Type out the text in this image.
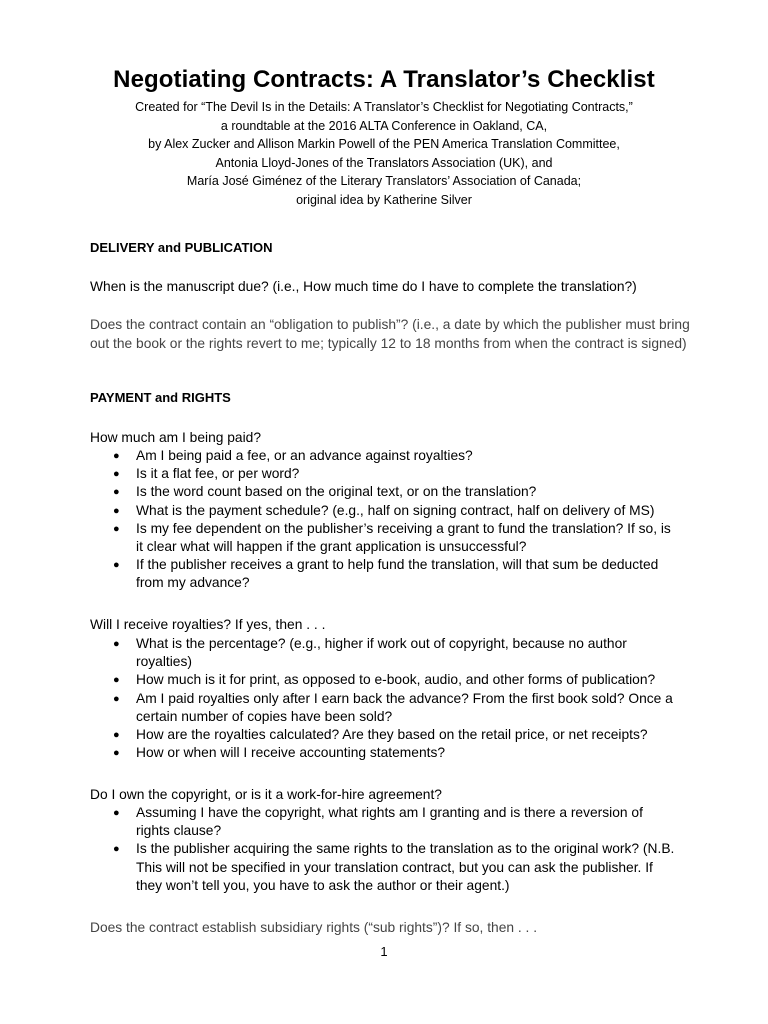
Negotiating Contracts: A Translator’s Checklist
Created for “The Devil Is in the Details: A Translator’s Checklist for Negotiating Contracts,”
a roundtable at the 2016 ALTA Conference in Oakland, CA,
by Alex Zucker and Allison Markin Powell of the PEN America Translation Committee,
Antonia Lloyd-Jones of the Translators Association (UK), and
María José Giménez of the Literary Translators’ Association of Canada;
original idea by Katherine Silver
DELIVERY and PUBLICATION

When is the manuscript due? (i.e., How much time do I have to complete the translation?)

Does the contract contain an “obligation to publish”? (i.e., a date by which the publisher must bring out the book or the rights revert to me; typically 12 to 18 months from when the contract is signed)

PAYMENT and RIGHTS

How much am I being paid?

● Am I being paid a fee, or an advance against royalties?
● Is it a flat fee, or per word?
● Is the word count based on the original text, or on the translation?
● What is the payment schedule? (e.g., half on signing contract, half on delivery of MS)
● Is my fee dependent on the publisher’s receiving a grant to fund the translation? If so, is it clear what will happen if the grant application is unsuccessful?
● If the publisher receives a grant to help fund the translation, will that sum be deducted from my advance?

Will I receive royalties? If yes, then . . .

● What is the percentage? (e.g., higher if work out of copyright, because no author royalties)
● How much is it for print, as opposed to e-book, audio, and other forms of publication?
● Am I paid royalties only after I earn back the advance? From the first book sold? Once a certain number of copies have been sold?
● How are the royalties calculated? Are they based on the retail price, or net receipts?
● How or when will I receive accounting statements?

Do I own the copyright, or is it a work-for-hire agreement?

● Assuming I have the copyright, what rights am I granting and is there a reversion of rights clause?
● Is the publisher acquiring the same rights to the translation as to the original work? (N.B. This will not be specified in your translation contract, but you can ask the publisher. If they won’t tell you, you have to ask the author or their agent.)

Does the contract establish subsidiary rights (“sub rights”)? If so, then . . .

1
